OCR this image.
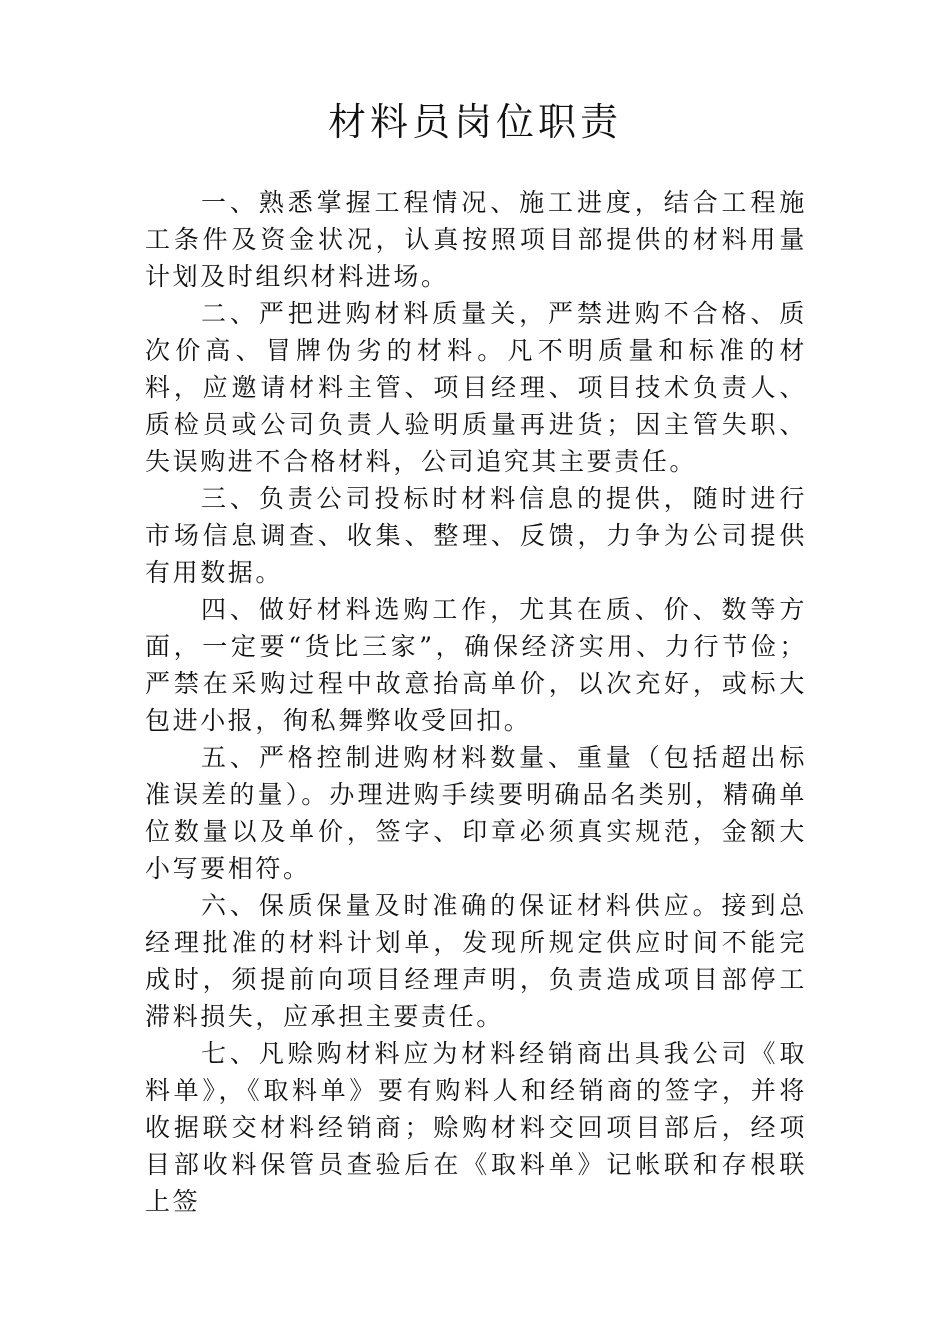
材料员岗位职责

一、熟悉掌握工程情况、施工进度，结合工程施工条件及资金状况，认真按照项目部提供的材料用量计划及时组织材料进场。

二、严把进购材料质量关，严禁进购不合格、质次价高、冒牌伪劣的材料。凡不明质量和标准的材料，应邀请材料主管、项目经理、项目技术负责人、质检员或公司负责人验明质量再进货；因主管失职、失误购进不合格材料，公司追究其主要责任。

三、负责公司投标时材料信息的提供，随时进行市场信息调查、收集、整理、反馈，力争为公司提供有用数据。

四、做好材料选购工作，尤其在质、价、数等方面，一定要“货比三家”，确保经济实用、力行节俭；严禁在采购过程中故意抬高单价，以次充好，或标大包进小报，徇私舞弊收受回扣。

五、严格控制进购材料数量、重量（包括超出标准误差的量）。办理进购手续要明确品名类别，精确单位数量以及单价，签字、印章必须真实规范，金额大小写要相符。

六、保质保量及时准确的保证材料供应。接到总经理批准的材料计划单，发现所规定供应时间不能完成时，须提前向项目经理声明，负责造成项目部停工滞料损失，应承担主要责任。

七、凡赊购材料应为材料经销商出具我公司《取料单》，《取料单》要有购料人和经销商的签字，并将收据联交材料经销商；赊购材料交回项目部后，经项目部收料保管员查验后在《取料单》记帐联和存根联上签
